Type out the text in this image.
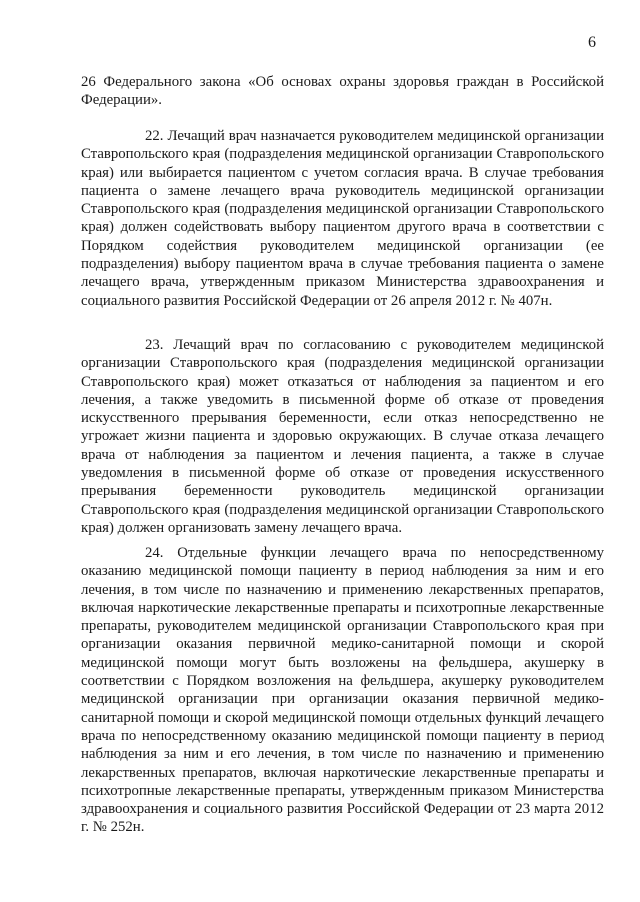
6

26 Федерального закона «Об основах охраны здоровья граждан в Российской Федерации».

22. Лечащий врач назначается руководителем медицинской организации Ставропольского края (подразделения медицинской организации Ставропольского края) или выбирается пациентом с учетом согласия врача. В случае требования пациента о замене лечащего врача руководитель медицинской организации Ставропольского края (подразделения медицинской организации Ставропольского края) должен содействовать выбору пациентом другого врача в соответствии с Порядком содействия руководителем медицинской организации (ее подразделения) выбору пациентом врача в случае требования пациента о замене лечащего врача, утвержденным приказом Министерства здравоохранения и социального развития Российской Федерации от 26 апреля 2012 г. № 407н.

23. Лечащий врач по согласованию с руководителем медицинской организации Ставропольского края (подразделения медицинской организации Ставропольского края) может отказаться от наблюдения за пациентом и его лечения, а также уведомить в письменной форме об отказе от проведения искусственного прерывания беременности, если отказ непосредственно не угрожает жизни пациента и здоровью окружающих. В случае отказа лечащего врача от наблюдения за пациентом и лечения пациента, а также в случае уведомления в письменной форме об отказе от проведения искусственного прерывания беременности руководитель медицинской организации Ставропольского края (подразделения медицинской организации Ставропольского края) должен организовать замену лечащего врача.

24. Отдельные функции лечащего врача по непосредственному оказанию медицинской помощи пациенту в период наблюдения за ним и его лечения, в том числе по назначению и применению лекарственных препаратов, включая наркотические лекарственные препараты и психотропные лекарственные препараты, руководителем медицинской организации Ставропольского края при организации оказания первичной медико-санитарной помощи и скорой медицинской помощи могут быть возложены на фельдшера, акушерку в соответствии с Порядком возложения на фельдшера, акушерку руководителем медицинской организации при организации оказания первичной медико-санитарной помощи и скорой медицинской помощи отдельных функций лечащего врача по непосредственному оказанию медицинской помощи пациенту в период наблюдения за ним и его лечения, в том числе по назначению и применению лекарственных препаратов, включая наркотические лекарственные препараты и психотропные лекарственные препараты, утвержденным приказом Министерства здравоохранения и социального развития Российской Федерации от 23 марта 2012 г. № 252н.
